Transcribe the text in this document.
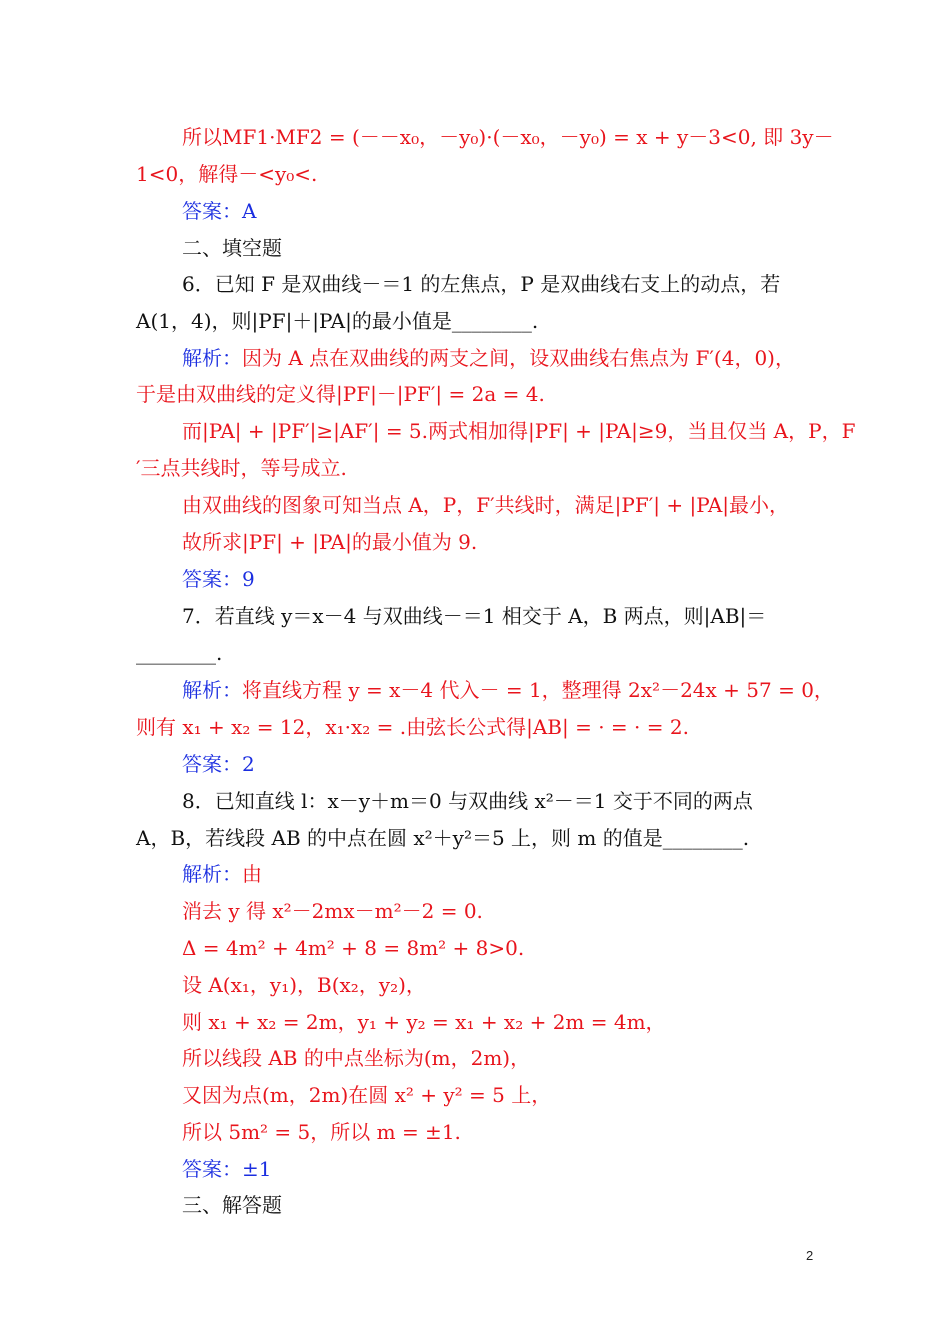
所以MF1·MF2 = (－－x₀，－y₀)·(－x₀，－y₀) = x + y－3<0, 即 3y－
1<0，解得－<y₀<.
答案：A
二、填空题
6．已知 F 是双曲线－＝1 的左焦点，P 是双曲线右支上的动点，若
A(1，4)，则|PF|＋|PA|的最小值是________.
解析：因为 A 点在双曲线的两支之间，设双曲线右焦点为 F′(4，0)，
于是由双曲线的定义得|PF|－|PF′| = 2a = 4.
而|PA| + |PF′|≥|AF′| = 5.两式相加得|PF| + |PA|≥9，当且仅当 A，P，F
′三点共线时，等号成立.
由双曲线的图象可知当点 A，P，F′共线时，满足|PF′| + |PA|最小，
故所求|PF| + |PA|的最小值为 9.
答案：9
7．若直线 y＝x－4 与双曲线－＝1 相交于 A，B 两点，则|AB|＝
________.
解析：将直线方程 y = x－4 代入－ = 1，整理得 2x²－24x + 57 = 0，
则有 x₁ + x₂ = 12，x₁·x₂ = .由弦长公式得|AB| = · = · = 2.
答案：2
8．已知直线 l：x－y＋m＝0 与双曲线 x²－＝1 交于不同的两点
A，B，若线段 AB 的中点在圆 x²＋y²＝5 上，则 m 的值是________.
解析：由
消去 y 得 x²－2mx－m²－2 = 0.
Δ = 4m² + 4m² + 8 = 8m² + 8>0.
设 A(x₁，y₁)，B(x₂，y₂)，
则 x₁ + x₂ = 2m，y₁ + y₂ = x₁ + x₂ + 2m = 4m，
所以线段 AB 的中点坐标为(m，2m)，
又因为点(m，2m)在圆 x² + y² = 5 上，
所以 5m² = 5，所以 m = ±1.
答案：±1
三、解答题
2
